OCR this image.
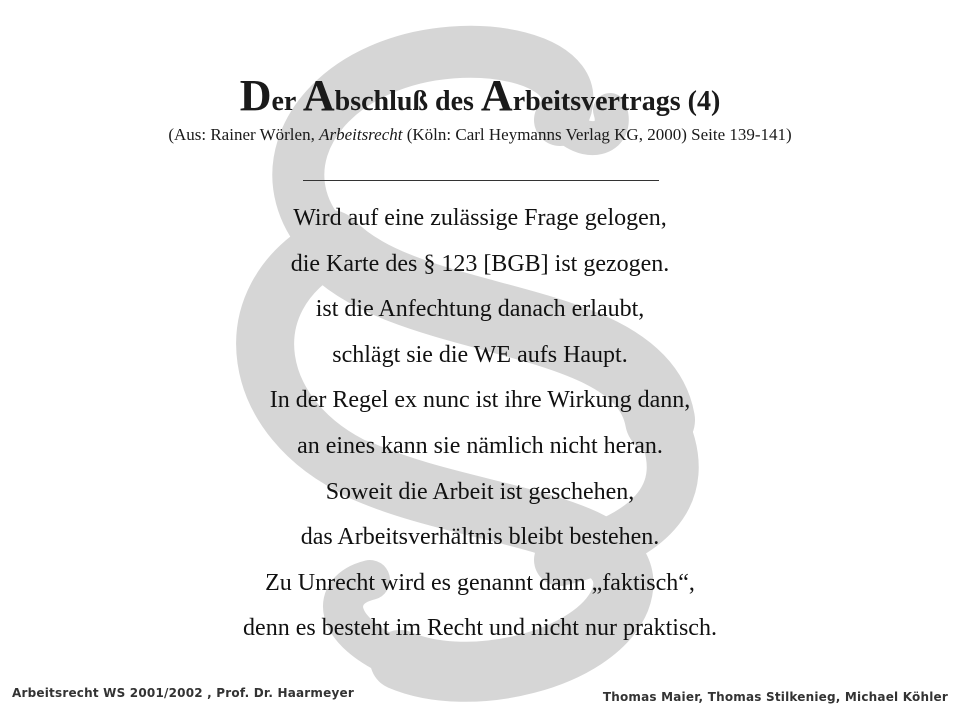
Der Abschluß des Arbeitsvertrags (4)
(Aus: Rainer Wörlen, Arbeitsrecht (Köln: Carl Heymanns Verlag KG, 2000) Seite 139-141)
Wird auf eine zulässige Frage gelogen,
die Karte des § 123 [BGB] ist gezogen.
ist die Anfechtung danach erlaubt,
schlägt sie die WE aufs Haupt.
In der Regel ex nunc ist ihre Wirkung dann,
an eines kann sie nämlich nicht heran.
Soweit die Arbeit ist geschehen,
das Arbeitsverhältnis bleibt bestehen.
Zu Unrecht wird es genannt dann „faktisch“,
denn es besteht im Recht und nicht nur praktisch.
Arbeitsrecht WS 2001/2002 , Prof. Dr. Haarmeyer	Thomas Maier, Thomas Stilkenieg, Michael Köhler
